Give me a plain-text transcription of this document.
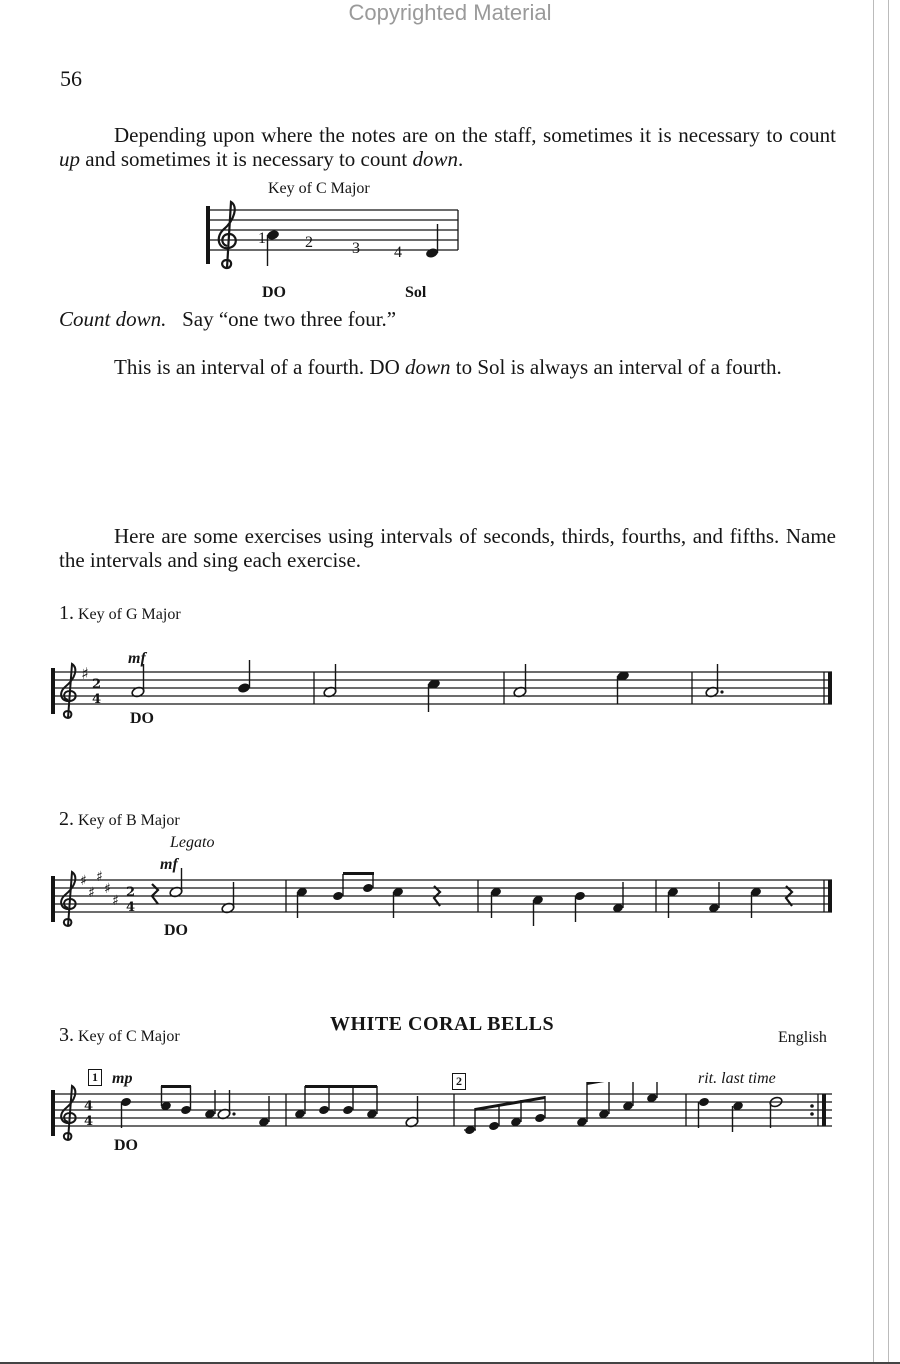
Copyrighted Material
56
Depending upon where the notes are on the staff, sometimes it is necessary to count up and sometimes it is necessary to count down.
Key of C Major
1 2 3 4
DO	Sol
Count down. Say “one two three four.”
This is an interval of a fourth. DO down to Sol is always an interval of a fourth.
Here are some exercises using intervals of seconds, thirds, fourths, and fifths. Name the intervals and sing each exercise.
1. Key of G Major
mf
♯
2
4
DO
2. Key of B Major
Legato
mf
♯
♯
♯
♯
♯
2
4
DO
3. Key of C Major
WHITE CORAL BELLS
English
1 mp	2	rit. last time
4
4
DO
